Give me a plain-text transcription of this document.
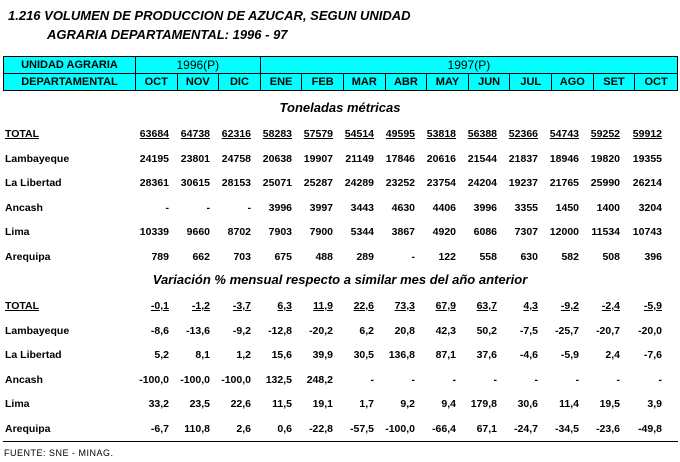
1.216 VOLUMEN DE PRODUCCION DE AZUCAR, SEGUN UNIDAD
AGRARIA DEPARTAMENTAL: 1996 - 97
UNIDAD AGRARIA	1996(P)			1997(P)									
DEPARTAMENTAL	OCT	NOV	DIC	ENE	FEB	MAR	ABR	MAY	JUN	JUL	AGO	SET	OCT
Toneladas métricas
TOTAL	63684	64738	62316	58283	57579	54514	49595	53818	56388	52366	54743	59252	59912
Lambayeque	24195	23801	24758	20638	19907	21149	17846	20616	21544	21837	18946	19820	19355
La Libertad	28361	30615	28153	25071	25287	24289	23252	23754	24204	19237	21765	25990	26214
Ancash	-	-	-	3996	3997	3443	4630	4406	3996	3355	1450	1400	3204
Lima	10339	9660	8702	7903	7900	5344	3867	4920	6086	7307	12000	11534	10743
Arequipa	789	662	703	675	488	289	-	122	558	630	582	508	396
Variación % mensual respecto a similar mes del año anterior
TOTAL	-0,1	-1,2	-3,7	6,3	11,9	22,6	73,3	67,9	63,7	4,3	-9,2	-2,4	-5,9
Lambayeque	-8,6	-13,6	-9,2	-12,8	-20,2	6,2	20,8	42,3	50,2	-7,5	-25,7	-20,7	-20,0
La Libertad	5,2	8,1	1,2	15,6	39,9	30,5	136,8	87,1	37,6	-4,6	-5,9	2,4	-7,6
Ancash	-100,0	-100,0	-100,0	132,5	248,2	-	-	-	-	-	-	-	-
Lima	33,2	23,5	22,6	11,5	19,1	1,7	9,2	9,4	179,8	30,6	11,4	19,5	3,9
Arequipa	-6,7	110,8	2,6	0,6	-22,8	-57,5	-100,0	-66,4	67,1	-24,7	-34,5	-23,6	-49,8
FUENTE: SNE - MINAG.
